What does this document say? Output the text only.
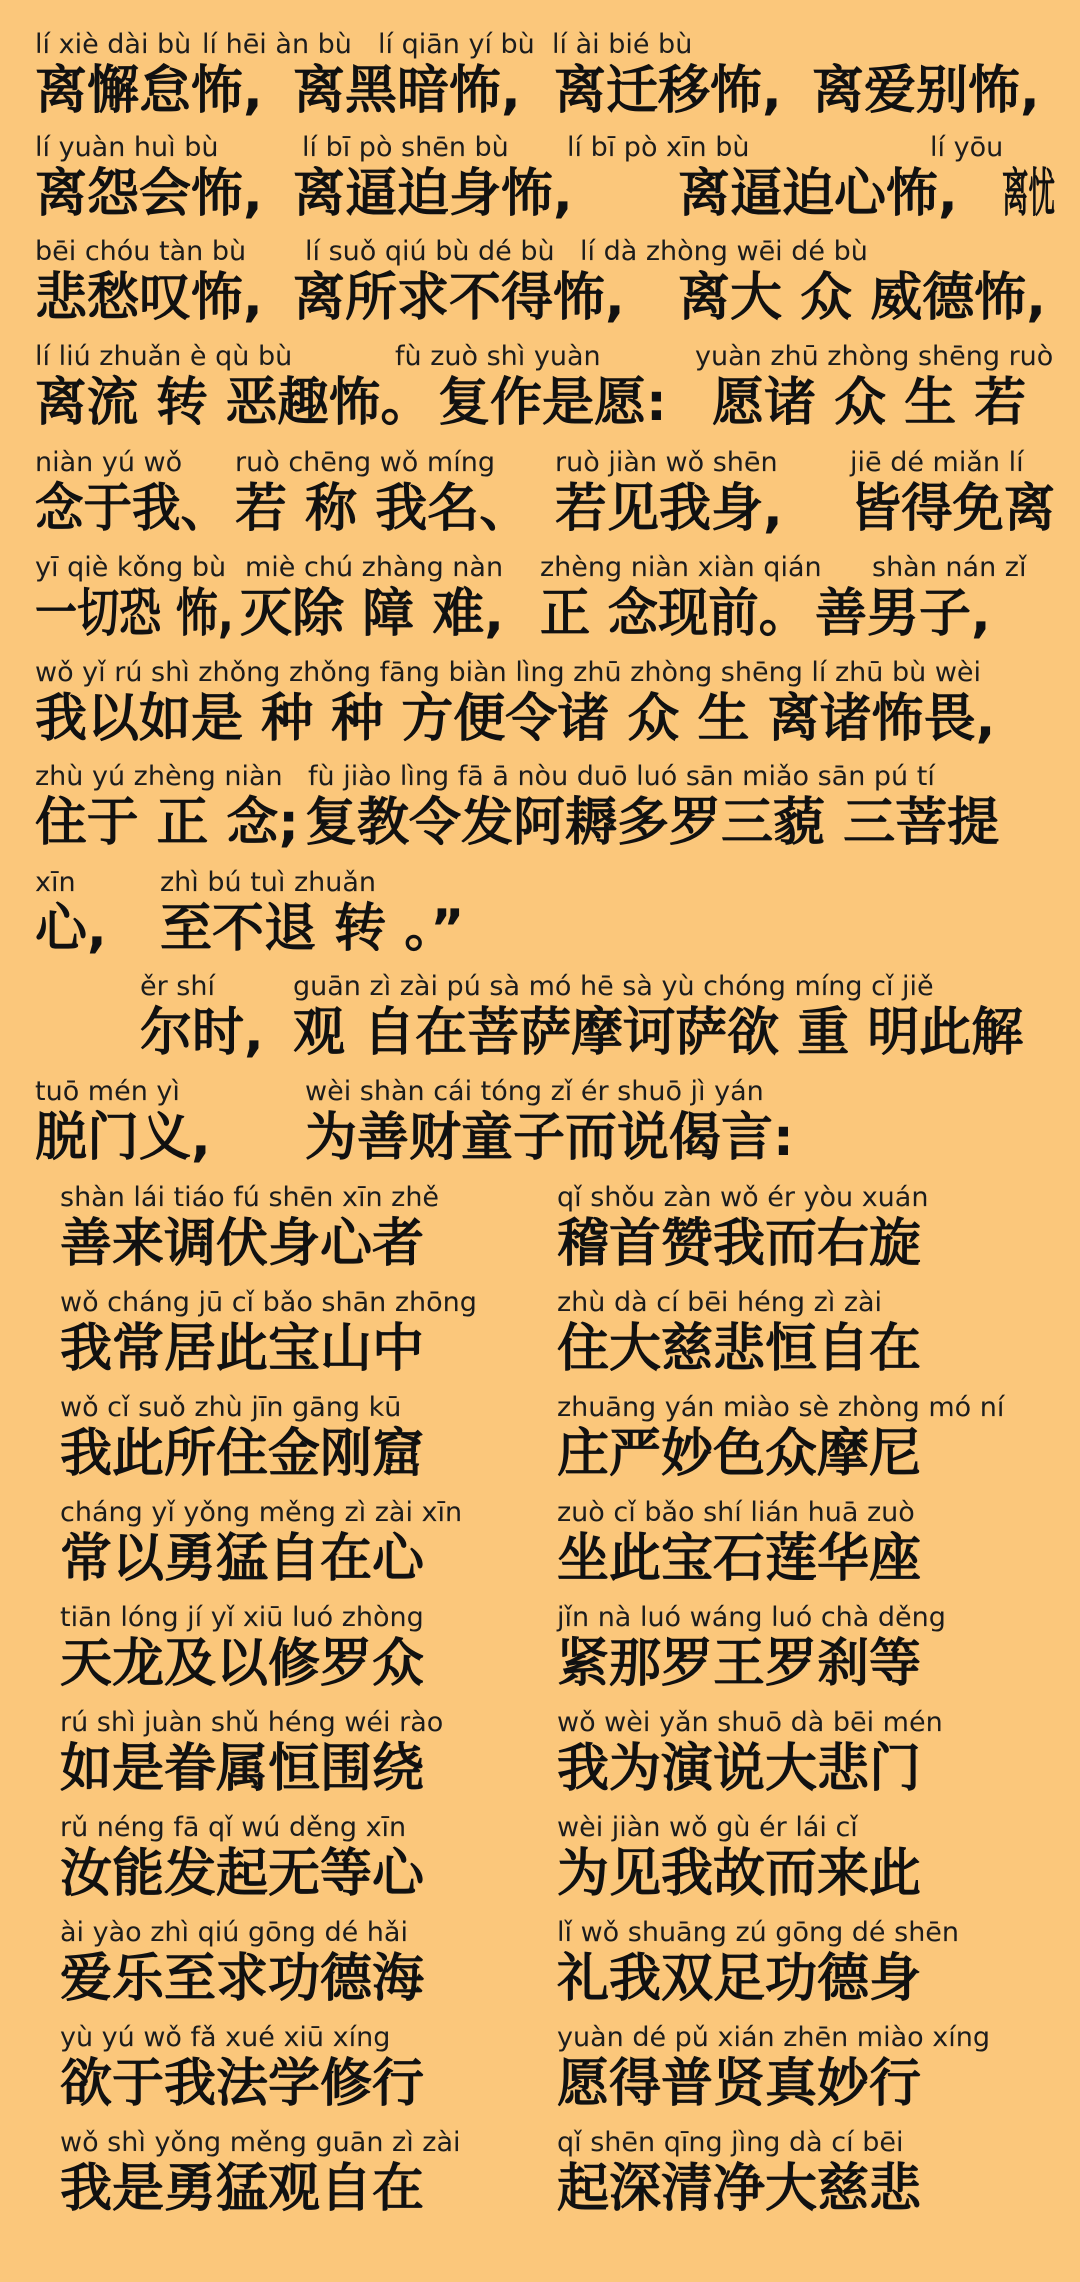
lí xiè dài bù lí hēi àn bù lí qiān yí bù lí ài bié bù
离懈怠怖, 离黑暗怖, 离迁移怖, 离爱别怖,
lí yuàn huì bù	lí bī pò shēn bù lí bī pò xīn bù	lí yōu
离怨会怖, 离逼迫身怖, 离逼迫心怖, 离忧
bēi chóu tàn bù lí suǒ qiú bù dé bù lí dà zhòng wēi dé bù
悲愁叹怖, 离所求不得怖, 离大 众 威德怖,
lí liú zhuǎn è qù bù	fù zuò shì yuàn	yuàn zhū zhòng shēng ruò
离流 转 恶趣怖。 复作是愿: 愿诸 众 生 若
niàn yú wǒ ruò chēng wǒ míng ruò jiàn wǒ shēn	jiē dé miǎn lí
念于我、 若 称 我名、 若见我身, 皆得免离
yī qiè kǒng bù miè chú zhàng nàn zhèng niàn xiàn qián shàn nán zǐ
一切恐 怖, 灭除 障 难, 正 念现前。 善男子,
wǒ yǐ rú shì zhǒng zhǒng fāng biàn lìng zhū zhòng shēng lí zhū bù wèi
我以如是 种 种 方便令诸 众 生 离诸怖畏,
zhù yú zhèng niàn fù jiào lìng fā ā nòu duō luó sān miǎo sān pú tí
住于 正 念; 复教令发阿耨多罗三藐 三菩提
xīn	zhì bú tuì zhuǎn
心, 至不退 转 。”
ěr shí	guān zì zài pú sà mó hē sà yù chóng míng cǐ jiě
尔时, 观 自在菩萨摩诃萨欲 重 明此解
tuō mén yì	wèi shàn cái tóng zǐ ér shuō jì yán
脱门义, 为善财童子而说偈言:
shàn lái tiáo fú shēn xīn zhě	qǐ shǒu zàn wǒ ér yòu xuán
善来调伏身心者	稽首赞我而右旋
wǒ cháng jū cǐ bǎo shān zhōng	zhù dà cí bēi héng zì zài
我常居此宝山中	住大慈悲恒自在
wǒ cǐ suǒ zhù jīn gāng kū	zhuāng yán miào sè zhòng mó ní
我此所住金刚窟	庄严妙色众摩尼
cháng yǐ yǒng měng zì zài xīn	zuò cǐ bǎo shí lián huā zuò
常以勇猛自在心	坐此宝石莲华座
tiān lóng jí yǐ xiū luó zhòng	jǐn nà luó wáng luó chà děng
天龙及以修罗众	紧那罗王罗刹等
rú shì juàn shǔ héng wéi rào	wǒ wèi yǎn shuō dà bēi mén
如是眷属恒围绕	我为演说大悲门
rǔ néng fā qǐ wú děng xīn	wèi jiàn wǒ gù ér lái cǐ
汝能发起无等心	为见我故而来此
ài yào zhì qiú gōng dé hǎi	lǐ wǒ shuāng zú gōng dé shēn
爱乐至求功德海	礼我双足功德身
yù yú wǒ fǎ xué xiū xíng	yuàn dé pǔ xián zhēn miào xíng
欲于我法学修行	愿得普贤真妙行
wǒ shì yǒng měng guān zì zài	qǐ shēn qīng jìng dà cí bēi
我是勇猛观自在	起深清净大慈悲
